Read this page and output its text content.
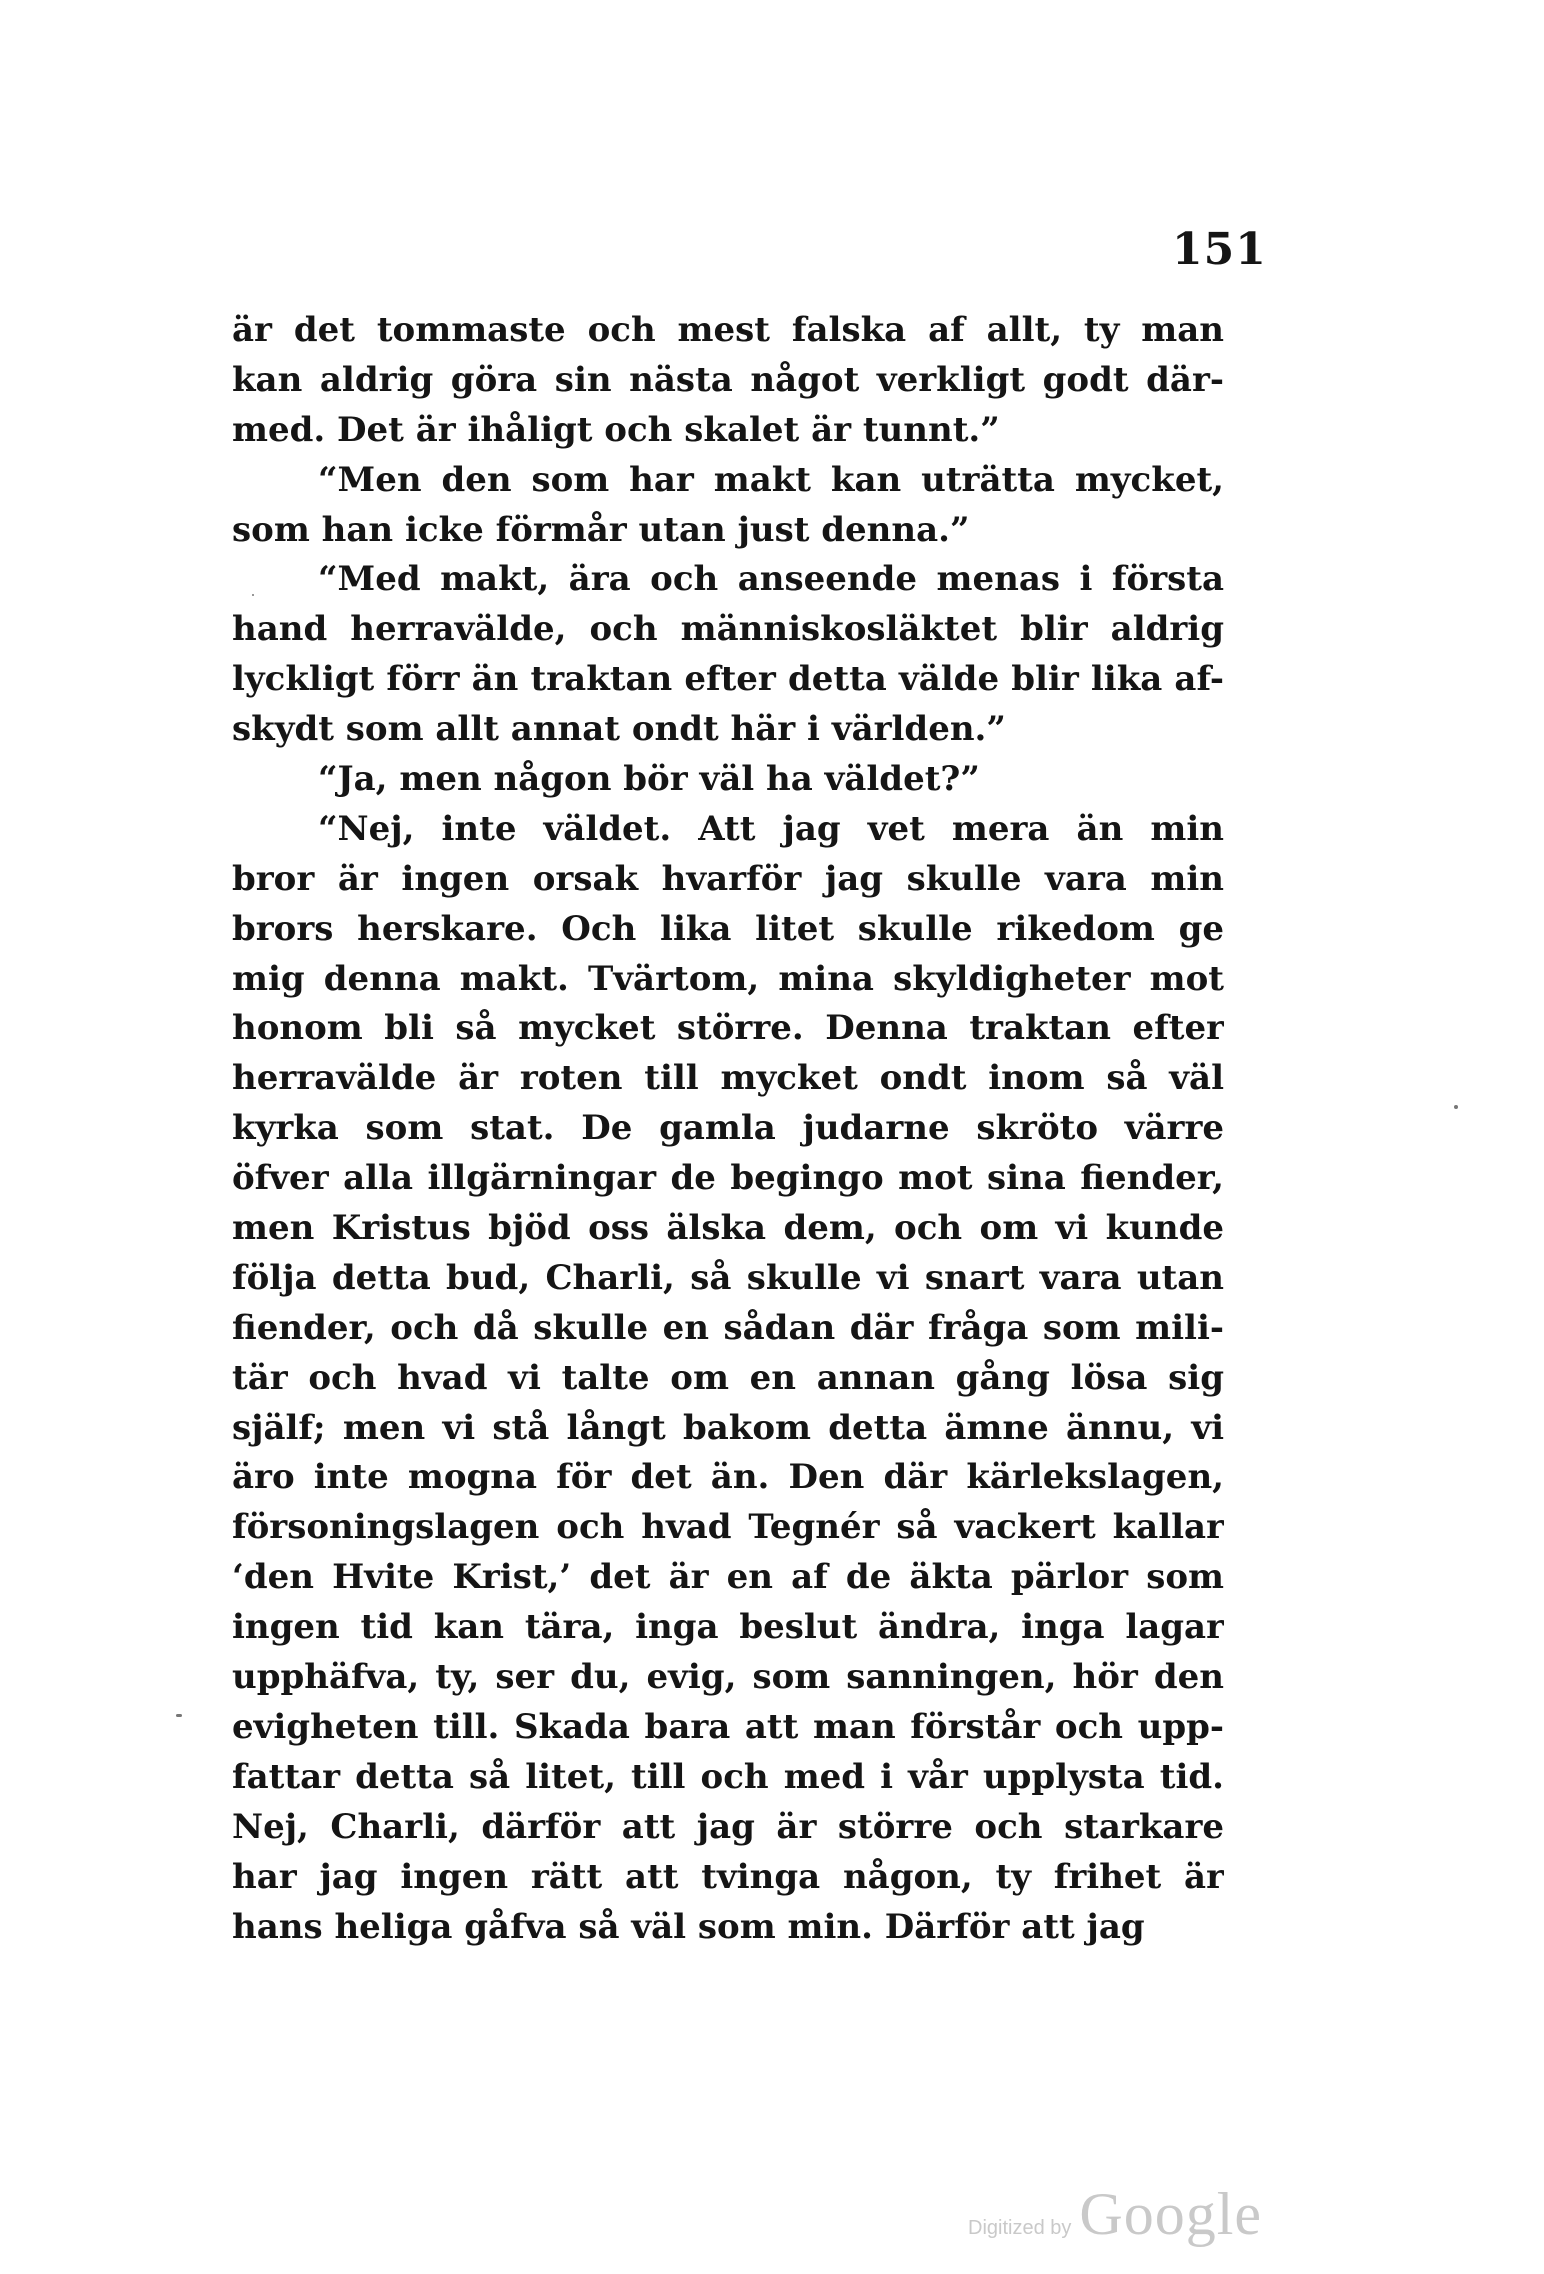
151
är det tommaste och mest falska af allt, ty man
kan aldrig göra sin nästa något verkligt godt där-
med. Det är ihåligt och skalet är tunnt.”
“Men den som har makt kan uträtta mycket,
som han icke förmår utan just denna.”
“Med makt, ära och anseende menas i första
hand herravälde, och människosläktet blir aldrig
lyckligt förr än traktan efter detta välde blir lika af-
skydt som allt annat ondt här i världen.”
“Ja, men någon bör väl ha väldet?”
“Nej, inte väldet. Att jag vet mera än min
bror är ingen orsak hvarför jag skulle vara min
brors herskare. Och lika litet skulle rikedom ge
mig denna makt. Tvärtom, mina skyldigheter mot
honom bli så mycket större. Denna traktan efter
herravälde är roten till mycket ondt inom så väl
kyrka som stat. De gamla judarne skröto värre
öfver alla illgärningar de begingo mot sina fiender,
men Kristus bjöd oss älska dem, och om vi kunde
följa detta bud, Charli, så skulle vi snart vara utan
fiender, och då skulle en sådan där fråga som mili-
tär och hvad vi talte om en annan gång lösa sig
själf; men vi stå långt bakom detta ämne ännu, vi
äro inte mogna för det än. Den där kärlekslagen,
försoningslagen och hvad Tegnér så vackert kallar
‘den Hvite Krist,’ det är en af de äkta pärlor som
ingen tid kan tära, inga beslut ändra, inga lagar
upphäfva, ty, ser du, evig, som sanningen, hör den
evigheten till. Skada bara att man förstår och upp-
fattar detta så litet, till och med i vår upplysta tid.
Nej, Charli, därför att jag är större och starkare
har jag ingen rätt att tvinga någon, ty frihet är
hans heliga gåfva så väl som min. Därför att jag
Digitized by Google
